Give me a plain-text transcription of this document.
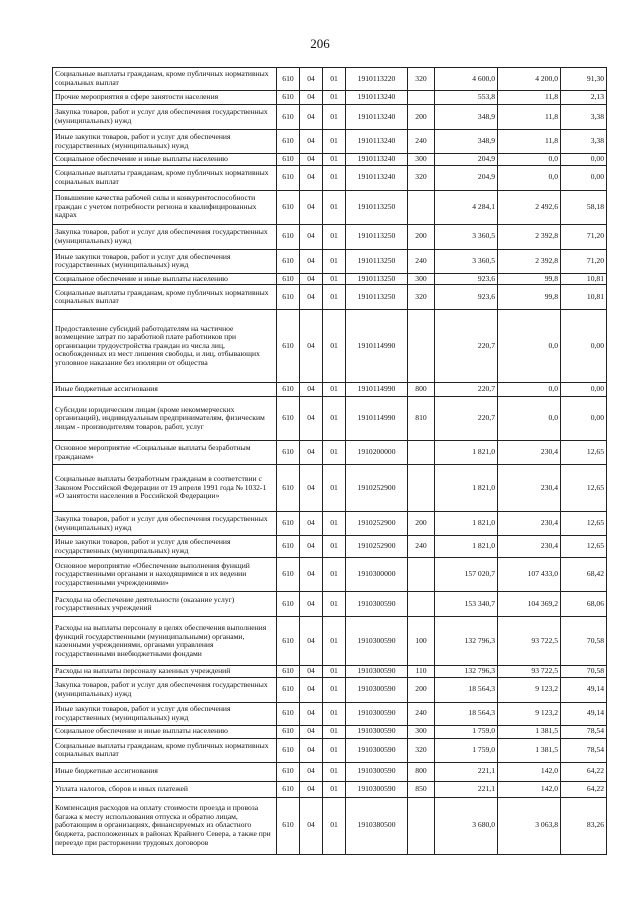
206
Социальные выплаты гражданам, кроме публичных нормативных социальных выплат	610	04	01	1910113220	320	4 600,0	4 200,0	91,30
Прочие мероприятия в сфере занятости населения	610	04	01	1910113240		553,8	11,8	2,13
Закупка товаров, работ и услуг для обеспечения государственных (муниципальных) нужд	610	04	01	1910113240	200	348,9	11,8	3,38
Иные закупки товаров, работ и услуг для обеспечения государственных (муниципальных) нужд	610	04	01	1910113240	240	348,9	11,8	3,38
Социальное обеспечение и иные выплаты населению	610	04	01	1910113240	300	204,9	0,0	0,00
Социальные выплаты гражданам, кроме публичных нормативных социальных выплат	610	04	01	1910113240	320	204,9	0,0	0,00
Повышение качества рабочей силы и конкурентоспособности граждан с учетом потребности региона в квалифицированных кадрах	610	04	01	1910113250		4 284,1	2 492,6	58,18
Закупка товаров, работ и услуг для обеспечения государственных (муниципальных) нужд	610	04	01	1910113250	200	3 360,5	2 392,8	71,20
Иные закупки товаров, работ и услуг для обеспечения государственных (муниципальных) нужд	610	04	01	1910113250	240	3 360,5	2 392,8	71,20
Социальное обеспечение и иные выплаты населению	610	04	01	1910113250	300	923,6	99,8	10,81
Социальные выплаты гражданам, кроме публичных нормативных социальных выплат	610	04	01	1910113250	320	923,6	99,8	10,81
Предоставление субсидий работодателям на частичное возмещение затрат по заработной плате работников при организации трудоустройства граждан из числа лиц, освобожденных из мест лишения свободы, и лиц, отбывающих уголовное наказание без изоляции от общества	610	04	01	1910114990		220,7	0,0	0,00
Иные бюджетные ассигнования	610	04	01	1910114990	800	220,7	0,0	0,00
Субсидии юридическим лицам (кроме некоммерческих организаций), индивидуальным предпринимателям, физическим лицам - производителям товаров, работ, услуг	610	04	01	1910114990	810	220,7	0,0	0,00
Основное мероприятие «Социальные выплаты безработным гражданам»	610	04	01	1910200000		1 821,0	230,4	12,65
Социальные выплаты безработным гражданам в соответствии с Законом Российской Федерации от 19 апреля 1991 года № 1032-1 «О занятости населения в Российской Федерации»	610	04	01	1910252900		1 821,0	230,4	12,65
Закупка товаров, работ и услуг для обеспечения государственных (муниципальных) нужд	610	04	01	1910252900	200	1 821,0	230,4	12,65
Иные закупки товаров, работ и услуг для обеспечения государственных (муниципальных) нужд	610	04	01	1910252900	240	1 821,0	230,4	12,65
Основное мероприятие «Обеспечение выполнения функций государственными органами и находящимися в их ведении государственными учреждениями»	610	04	01	1910300000		157 020,7	107 433,0	68,42
Расходы на обеспечение деятельности (оказание услуг) государственных учреждений	610	04	01	1910300590		153 340,7	104 369,2	68,06
Расходы на выплаты персоналу в целях обеспечения выполнения функций государственными (муниципальными) органами, казенными учреждениями, органами управления государственными внебюджетными фондами	610	04	01	1910300590	100	132 796,3	93 722,5	70,58
Расходы на выплаты персоналу казенных учреждений	610	04	01	1910300590	110	132 796,3	93 722,5	70,58
Закупка товаров, работ и услуг для обеспечения государственных (муниципальных) нужд	610	04	01	1910300590	200	18 564,3	9 123,2	49,14
Иные закупки товаров, работ и услуг для обеспечения государственных (муниципальных) нужд	610	04	01	1910300590	240	18 564,3	9 123,2	49,14
Социальное обеспечение и иные выплаты населению	610	04	01	1910300590	300	1 759,0	1 381,5	78,54
Социальные выплаты гражданам, кроме публичных нормативных социальных выплат	610	04	01	1910300590	320	1 759,0	1 381,5	78,54
Иные бюджетные ассигнования	610	04	01	1910300590	800	221,1	142,0	64,22
Уплата налогов, сборов и иных платежей	610	04	01	1910300590	850	221,1	142,0	64,22
Компенсация расходов на оплату стоимости проезда и провоза багажа к месту использования отпуска и обратно лицам, работающим в организациях, финансируемых из областного бюджета, расположенных в районах Крайнего Севера, а также при переезде при расторжении трудовых договоров	610	04	01	1910380500		3 680,0	3 063,8	83,26
